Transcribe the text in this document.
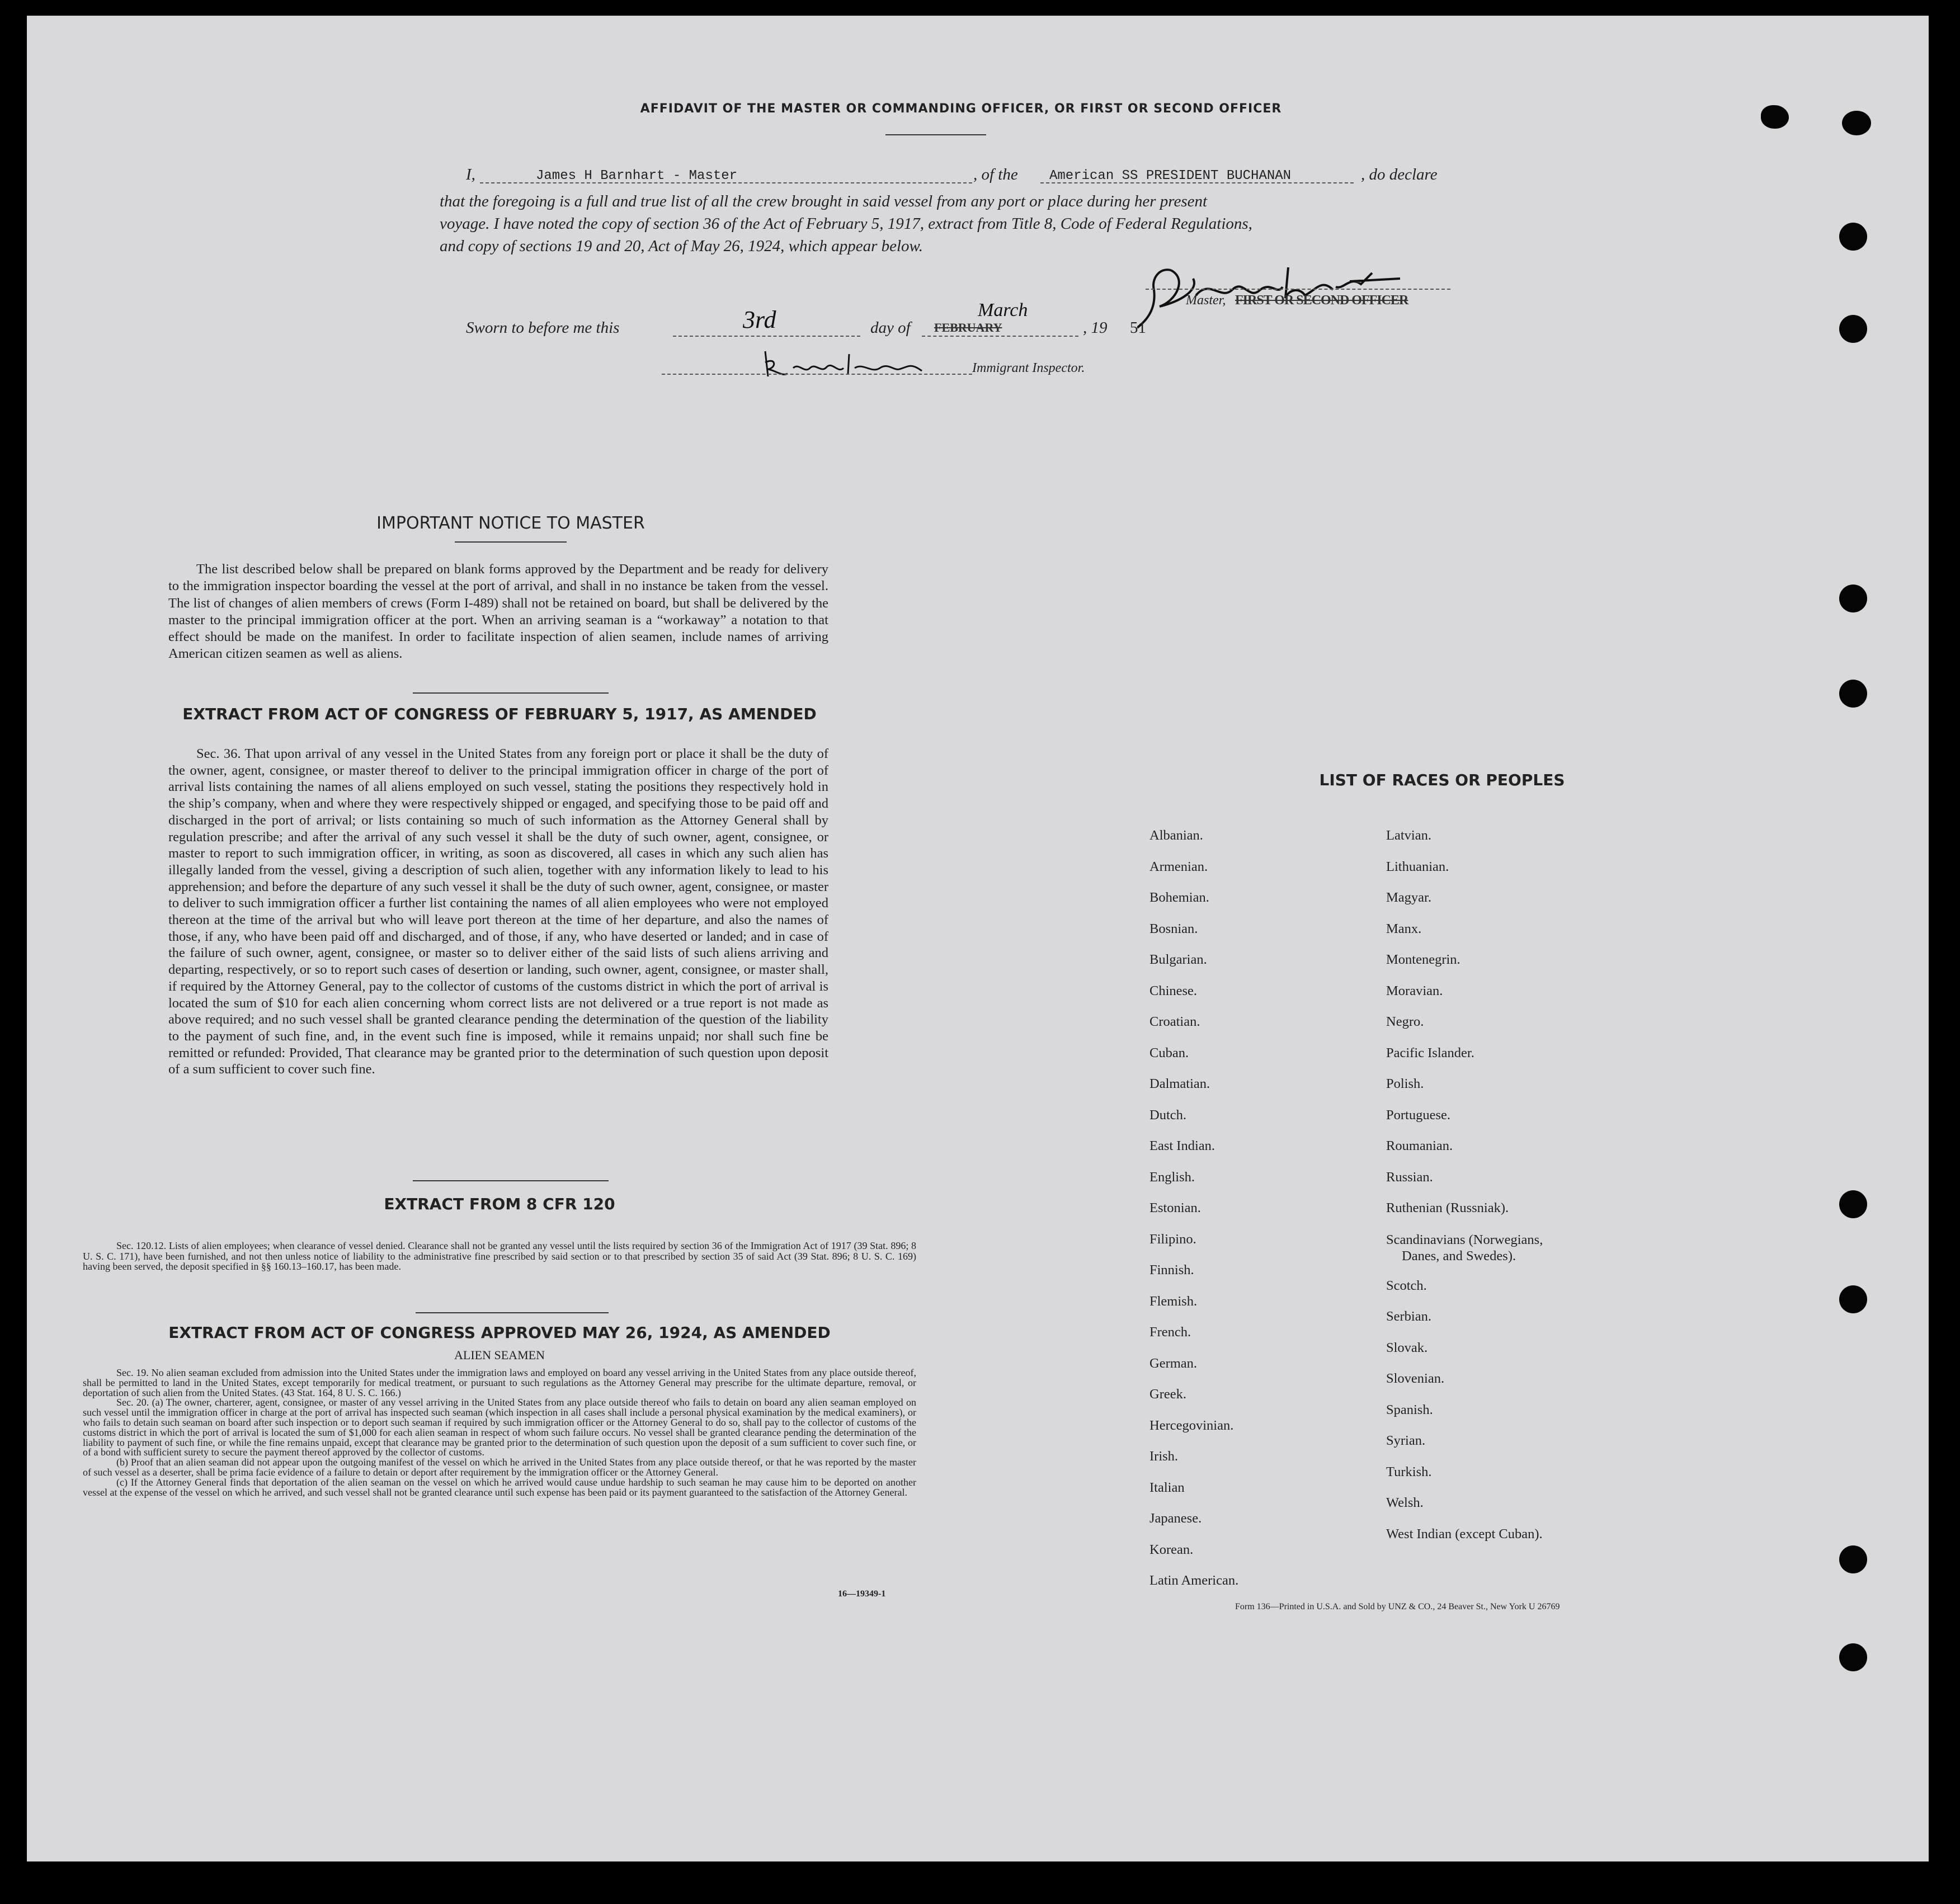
AFFIDAVIT OF THE MASTER OR COMMANDING OFFICER, OR FIRST OR SECOND OFFICER
I,	James H Barnhart - Master	, of the American SS PRESIDENT BUCHANAN	, do declare
that the foregoing is a full and true list of all the crew brought in said vessel from any port or place during her present
voyage. I have noted the copy of section 36 of the Act of February 5, 1917, extract from Title 8, Code of Federal Regulations,
and copy of sections 19 and 20, Act of May 26, 1924, which appear below.
Master, FIRST OR SECOND OFFICER
Sworn to before me this	3rd	day of FEBRUARY
March
, 19 51
Immigrant Inspector.
IMPORTANT NOTICE TO MASTER
The list described below shall be prepared on blank forms approved by the Department and be ready for delivery to the immigration inspector boarding the vessel at the port of arrival, and shall in no instance be taken from the vessel. The list of changes of alien members of crews (Form I-489) shall not be retained on board, but shall be delivered by the master to the principal immigration officer at the port. When an arriving seaman is a “workaway” a notation to that effect should be made on the manifest. In order to facilitate inspection of alien seamen, include names of arriving American citizen seamen as well as aliens.
EXTRACT FROM ACT OF CONGRESS OF FEBRUARY 5, 1917, AS AMENDED
Sec. 36. That upon arrival of any vessel in the United States from any foreign port or place it shall be the duty of the owner, agent, consignee, or master thereof to deliver to the principal immigration officer in charge of the port of arrival lists containing the names of all aliens employed on such vessel, stating the positions they respectively hold in the ship’s company, when and where they were respectively shipped or engaged, and specifying those to be paid off and discharged in the port of arrival; or lists containing so much of such information as the Attorney General shall by regulation prescribe; and after the arrival of any such vessel it shall be the duty of such owner, agent, consignee, or master to report to such immigration officer, in writing, as soon as discovered, all cases in which any such alien has illegally landed from the vessel, giving a description of such alien, together with any information likely to lead to his apprehension; and before the departure of any such vessel it shall be the duty of such owner, agent, consignee, or master to deliver to such immigration officer a further list containing the names of all alien employees who were not employed thereon at the time of the arrival but who will leave port thereon at the time of her departure, and also the names of those, if any, who have been paid off and discharged, and of those, if any, who have deserted or landed; and in case of the failure of such owner, agent, consignee, or master so to deliver either of the said lists of such aliens arriving and departing, respectively, or so to report such cases of desertion or landing, such owner, agent, consignee, or master shall, if required by the Attorney General, pay to the collector of customs of the customs district in which the port of arrival is located the sum of $10 for each alien concerning whom correct lists are not delivered or a true report is not made as above required; and no such vessel shall be granted clearance pending the determination of the question of the liability to the payment of such fine, and, in the event such fine is imposed, while it remains unpaid; nor shall such fine be remitted or refunded: Provided, That clearance may be granted prior to the determination of such question upon deposit of a sum sufficient to cover such fine.
EXTRACT FROM 8 CFR 120
Sec. 120.12. Lists of alien employees; when clearance of vessel denied. Clearance shall not be granted any vessel until the lists required by section 36 of the Immigration Act of 1917 (39 Stat. 896; 8 U. S. C. 171), have been furnished, and not then unless notice of liability to the administrative fine prescribed by said section or to that prescribed by section 35 of said Act (39 Stat. 896; 8 U. S. C. 169) having been served, the deposit specified in §§ 160.13–160.17, has been made.
EXTRACT FROM ACT OF CONGRESS APPROVED MAY 26, 1924, AS AMENDED
ALIEN SEAMEN
Sec. 19. No alien seaman excluded from admission into the United States under the immigration laws and employed on board any vessel arriving in the United States from any place outside thereof, shall be permitted to land in the United States, except temporarily for medical treatment, or pursuant to such regulations as the Attorney General may prescribe for the ultimate departure, removal, or deportation of such alien from the United States. (43 Stat. 164, 8 U. S. C. 166.)
Sec. 20. (a) The owner, charterer, agent, consignee, or master of any vessel arriving in the United States from any place outside thereof who fails to detain on board any alien seaman employed on such vessel until the immigration officer in charge at the port of arrival has inspected such seaman (which inspection in all cases shall include a personal physical examination by the medical examiners), or who fails to detain such seaman on board after such inspection or to deport such seaman if required by such immigration officer or the Attorney General to do so, shall pay to the collector of customs of the customs district in which the port of arrival is located the sum of $1,000 for each alien seaman in respect of whom such failure occurs. No vessel shall be granted clearance pending the determination of the liability to payment of such fine, or while the fine remains unpaid, except that clearance may be granted prior to the determination of such question upon the deposit of a sum sufficient to cover such fine, or of a bond with sufficient surety to secure the payment thereof approved by the collector of customs.
(b) Proof that an alien seaman did not appear upon the outgoing manifest of the vessel on which he arrived in the United States from any place outside thereof, or that he was reported by the master of such vessel as a deserter, shall be prima facie evidence of a failure to detain or deport after requirement by the immigration officer or the Attorney General.
(c) If the Attorney General finds that deportation of the alien seaman on the vessel on which he arrived would cause undue hardship to such seaman he may cause him to be deported on another vessel at the expense of the vessel on which he arrived, and such vessel shall not be granted clearance until such expense has been paid or its payment guaranteed to the satisfaction of the Attorney General.
16—19349-1
LIST OF RACES OR PEOPLES
Albanian.
Armenian.
Bohemian.
Bosnian.
Bulgarian.
Chinese.
Croatian.
Cuban.
Dalmatian.
Dutch.
East Indian.
English.
Estonian.
Filipino.
Finnish.
Flemish.
French.
German.
Greek.
Hercegovinian.
Irish.
Italian
Japanese.
Korean.
Latin American.
Latvian.
Lithuanian.
Magyar.
Manx.
Montenegrin.
Moravian.
Negro.
Pacific Islander.
Polish.
Portuguese.
Roumanian.
Russian.
Ruthenian (Russniak).
Scandinavians (Norwegians,
Danes, and Swedes).
Scotch.
Serbian.
Slovak.
Slovenian.
Spanish.
Syrian.
Turkish.
Welsh.
West Indian (except Cuban).
Form 136—Printed in U.S.A. and Sold by UNZ & CO., 24 Beaver St., New York U 26769
